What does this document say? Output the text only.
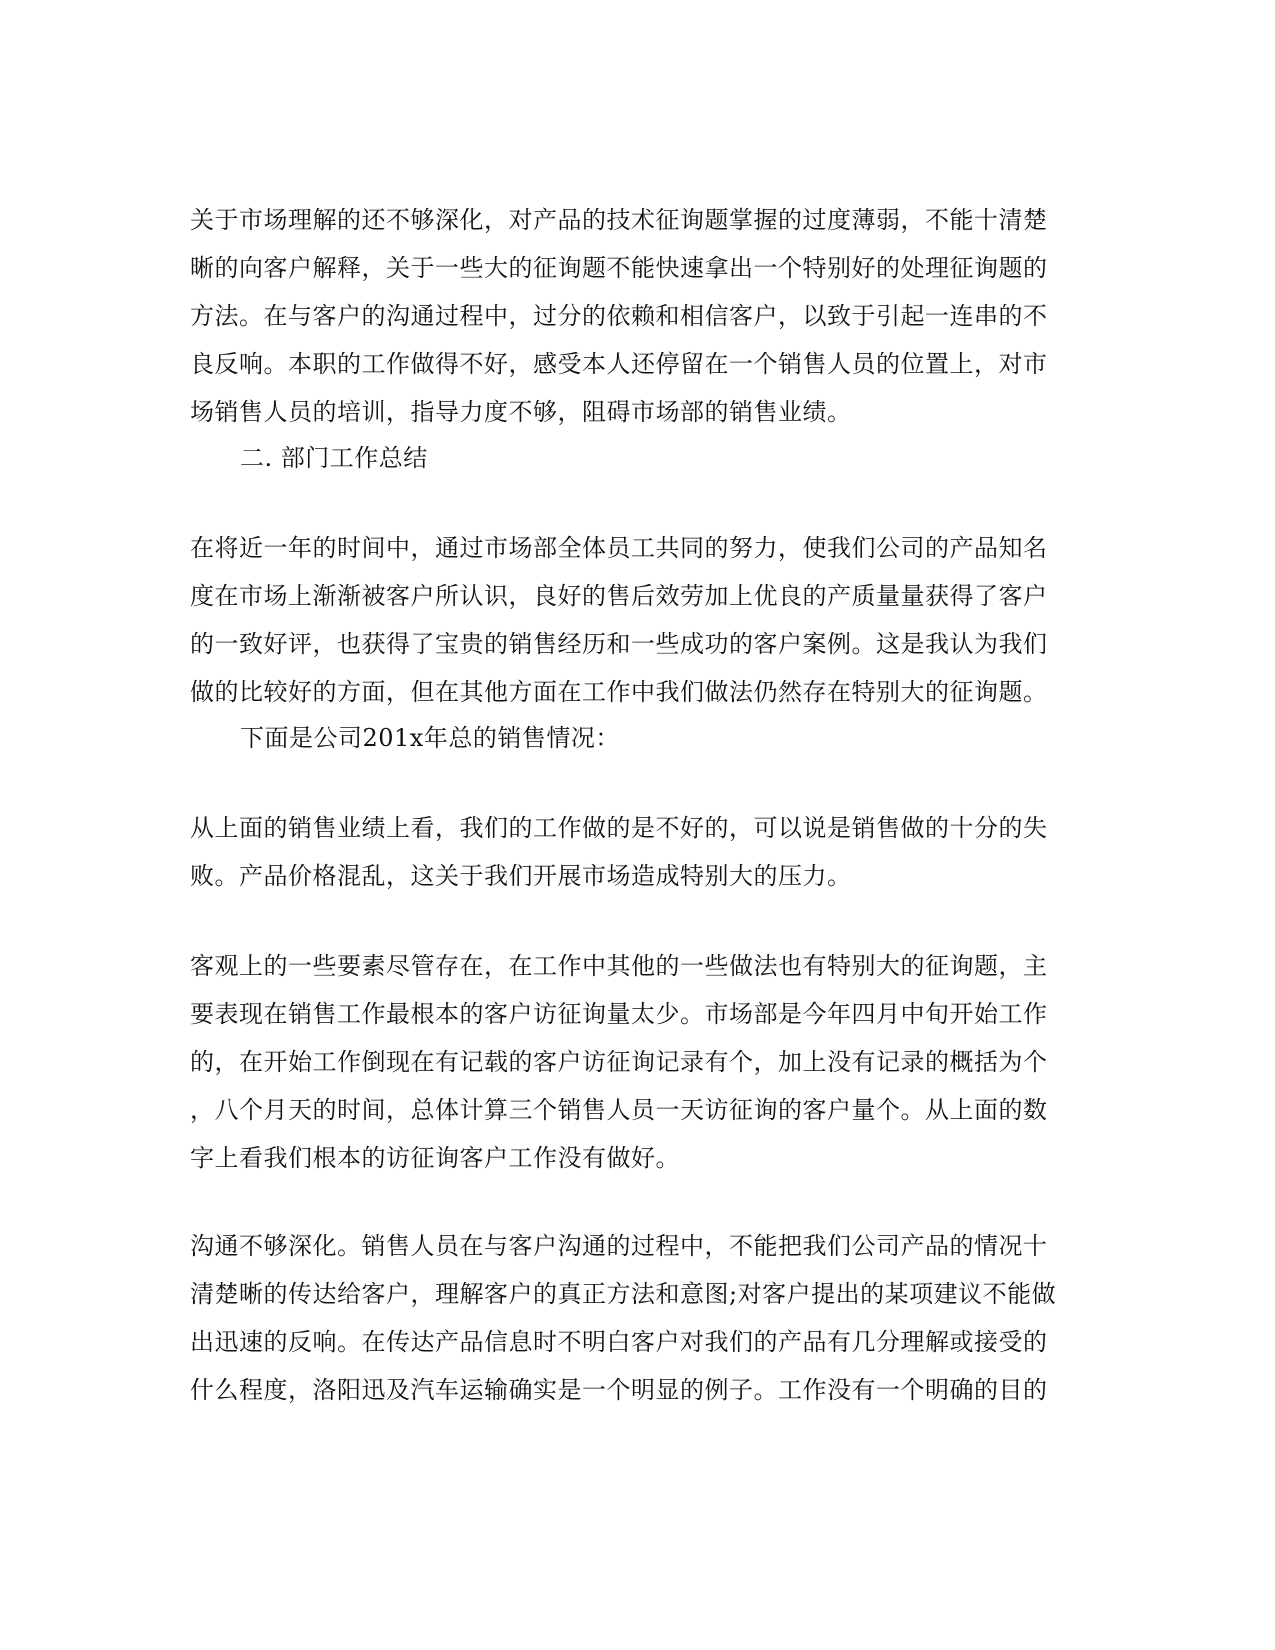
关于市场理解的还不够深化，对产品的技术征询题掌握的过度薄弱，不能十清楚
晰的向客户解释，关于一些大的征询题不能快速拿出一个特别好的处理征询题的
方法。在与客户的沟通过程中，过分的依赖和相信客户，以致于引起一连串的不
良反响。本职的工作做得不好，感受本人还停留在一个销售人员的位置上，对市
场销售人员的培训，指导力度不够，阻碍市场部的销售业绩。
二. 部门工作总结
在将近一年的时间中，通过市场部全体员工共同的努力，使我们公司的产品知名
度在市场上渐渐被客户所认识，良好的售后效劳加上优良的产质量量获得了客户
的一致好评，也获得了宝贵的销售经历和一些成功的客户案例。这是我认为我们
做的比较好的方面，但在其他方面在工作中我们做法仍然存在特别大的征询题。
下面是公司201x年总的销售情况：
从上面的销售业绩上看，我们的工作做的是不好的，可以说是销售做的十分的失
败。产品价格混乱，这关于我们开展市场造成特别大的压力。
客观上的一些要素尽管存在，在工作中其他的一些做法也有特别大的征询题，主
要表现在销售工作最根本的客户访征询量太少。市场部是今年四月中旬开始工作
的，在开始工作倒现在有记载的客户访征询记录有个，加上没有记录的概括为个
，八个月天的时间，总体计算三个销售人员一天访征询的客户量个。从上面的数
字上看我们根本的访征询客户工作没有做好。
沟通不够深化。销售人员在与客户沟通的过程中，不能把我们公司产品的情况十
清楚晰的传达给客户，理解客户的真正方法和意图;对客户提出的某项建议不能做
出迅速的反响。在传达产品信息时不明白客户对我们的产品有几分理解或接受的
什么程度，洛阳迅及汽车运输确实是一个明显的例子。工作没有一个明确的目的
